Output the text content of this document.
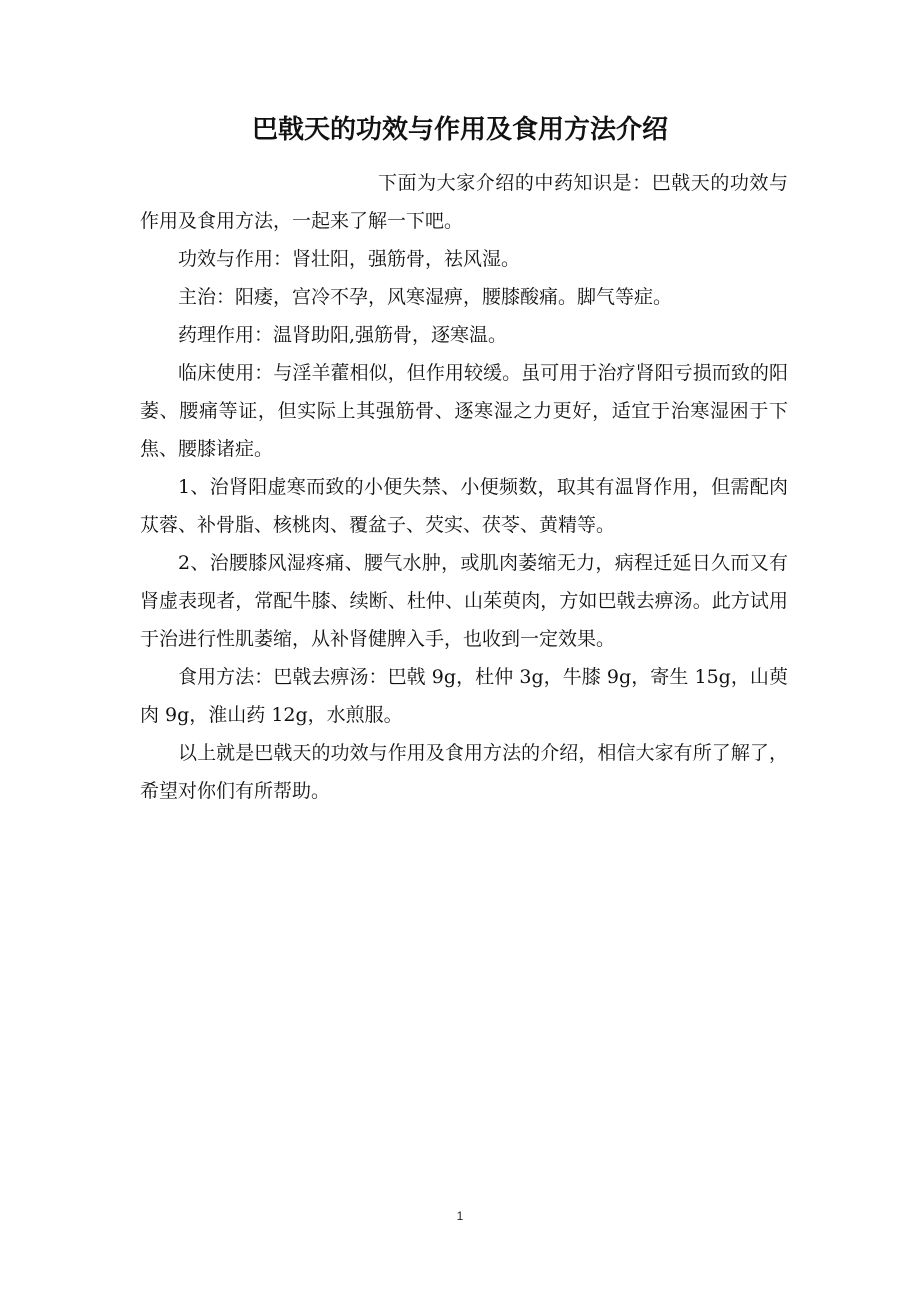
巴戟天的功效与作用及食用方法介绍

下面为大家介绍的中药知识是：巴戟天的功效与作用及食用方法，一起来了解一下吧。

功效与作用：肾壮阳，强筋骨，祛风湿。

主治：阳痿，宫冷不孕，风寒湿痹，腰膝酸痛。脚气等症。

药理作用：温肾助阳,强筋骨，逐寒温。

临床使用：与淫羊藿相似，但作用较缓。虽可用于治疗肾阳亏损而致的阳萎、腰痛等证，但实际上其强筋骨、逐寒湿之力更好，适宜于治寒湿困于下焦、腰膝诸症。

1、治肾阳虚寒而致的小便失禁、小便频数，取其有温肾作用，但需配肉苁蓉、补骨脂、核桃肉、覆盆子、芡实、茯苓、黄精等。

2、治腰膝风湿疼痛、腰气水肿，或肌肉萎缩无力，病程迁延日久而又有肾虚表现者，常配牛膝、续断、杜仲、山茱萸肉，方如巴戟去痹汤。此方试用于治进行性肌萎缩，从补肾健脾入手，也收到一定效果。

食用方法：巴戟去痹汤：巴戟 9g，杜仲 3g，牛膝 9g，寄生 15g，山萸肉 9g，淮山药 12g，水煎服。

以上就是巴戟天的功效与作用及食用方法的介绍，相信大家有所了解了，希望对你们有所帮助。

1
